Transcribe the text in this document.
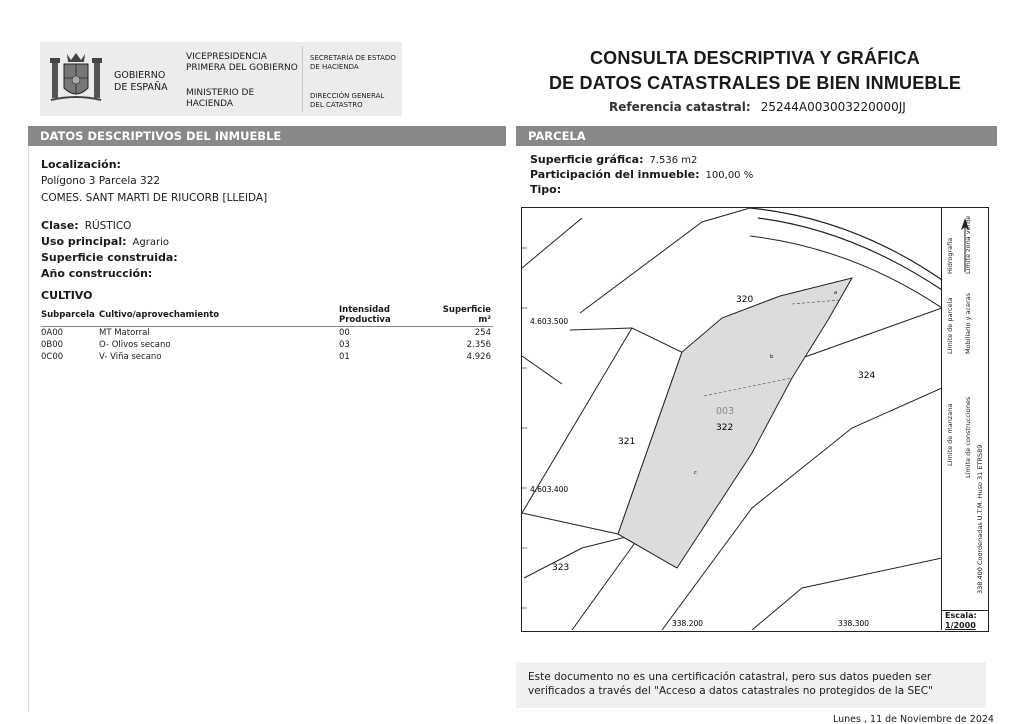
GOBIERNO DE ESPAÑA
VICEPRESIDENCIA PRIMERA DEL GOBIERNO
MINISTERIO DE HACIENDA
SECRETARÍA DE ESTADO DE HACIENDA
DIRECCIÓN GENERAL DEL CATASTRO
CONSULTA DESCRIPTIVA Y GRÁFICA
DE DATOS CATASTRALES DE BIEN INMUEBLE
Referencia catastral: 25244A003003220000JJ
DATOS DESCRIPTIVOS DEL INMUEBLE	PARCELA
Localización:
Polígono 3 Parcela 322
COMES. SANT MARTI DE RIUCORB [LLEIDA]
Clase: RÚSTICO
Uso principal: Agrario
Superficie construida:
Año construcción:
CULTIVO
Subparcela	Cultivo/aprovechamiento	Intensidad Productiva	Superficie m²
0A00	MT Matorral	00	254
0B00	O- Olivos secano	03	2.356
0C00	V- Viña secano	01	4.926
Superficie gráfica: 7.536 m2
Participación del inmueble: 100,00 %
Tipo:
320
321
322
323
324
003
a
b
c
4.603.500
4.603.400
338.200	338.300
Límite de manzana
Límite de parcela
Límite de construcciones
Mobiliario y aceras
Hidrografía Límite zona verde
338.400 Coordenadas U.T.M. Huso 31 ETRS89
Escala:
1/2000
Este documento no es una certificación catastral, pero sus datos pueden ser verificados a través del "Acceso a datos catastrales no protegidos de la SEC"
Lunes , 11 de Noviembre de 2024
